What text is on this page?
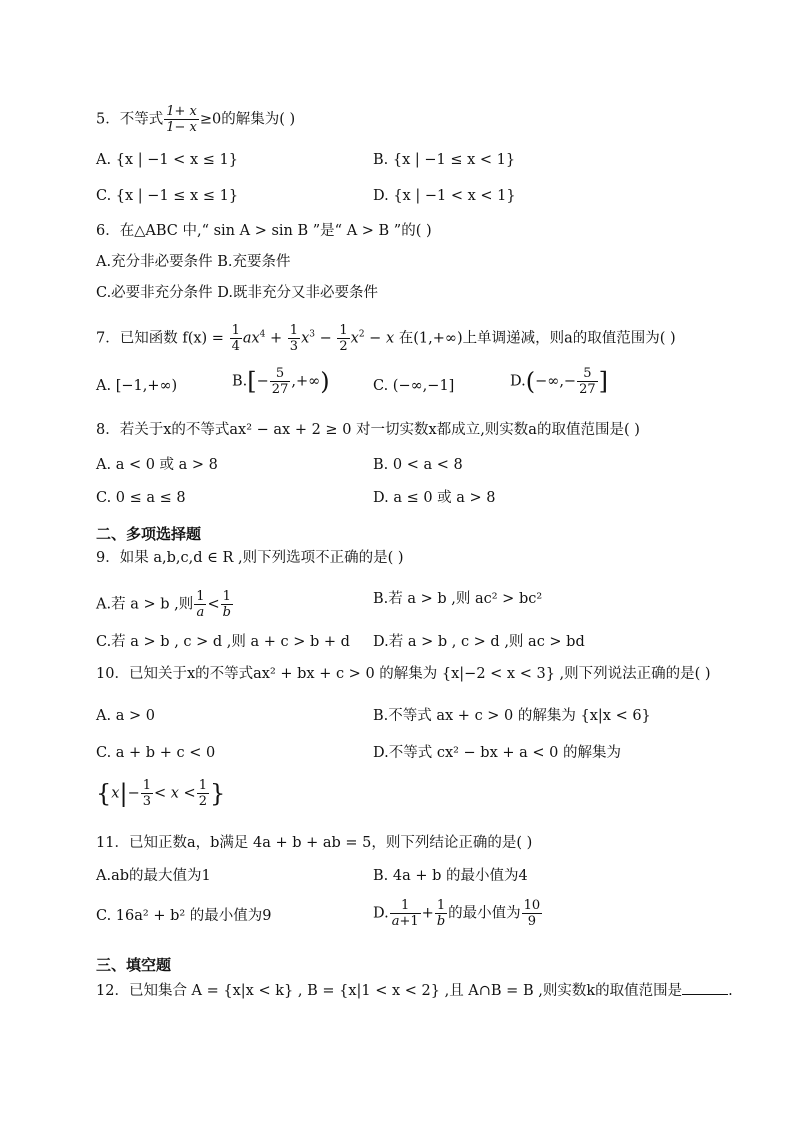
5．不等式 $\frac{1+ x}{1- x} \ge 0$的解集为( )
A. {x | −1 < x ≤ 1}	B. {x | −1 ≤ x < 1}
C. {x | −1 ≤ x ≤ 1}	D. {x | −1 < x < 1}
6．在△ABC 中,“ sin A > sin B ”是“ A > B ”的( )
A.充分非必要条件 B.充要条件
C.必要非充分条件 D.既非充分又非必要条件
7．已知函数 $f(x) = \frac{1}{4} ax^4 + \frac{1}{3} x^3 - \frac{1}{2} x^2 - x$ 在(1,+∞)上单调递减，则a的取值范围为( )
A. [−1,+∞)	$B.[- \frac{5}{27}$ ,+∞)	C. (−∞,−1]	$D.(-\infty,- \frac{5}{27}$ ]
8．若关于x的不等式ax² − ax + 2 ≥ 0 对一切实数x都成立,则实数a的取值范围是( )
A. a < 0 或 a > 8	B. 0 < a < 8
C. 0 ≤ a ≤ 8	D. a ≤ 0 或 a > 8
二、多项选择题
9．如果 a,b,c,d ∈ R ,则下列选项不正确的是( )
A.若 a > b ,则 $\frac{1}{a} < \frac{1}{b}$	B.若 a > b ,则 ac² > bc²
C.若 a > b , c > d ,则 a + c > b + d D.若 a > b , c > d ,则 ac > bd
10．已知关于x的不等式ax² + bx + c > 0 的解集为 {x|−2 < x < 3} ,则下列说法正确的是( )
A. a > 0	B.不等式 ax + c > 0 的解集为 {x|x < 6}
C. a + b + c < 0	D.不等式 cx² − bx + a < 0 的解集为
{$x|- \frac{1}{3} < x < \frac{1}{2}$ }
11．已知正数a，b满足 4a + b + ab = 5，则下列结论正确的是( )
A.ab的最大值为1	B. 4a + b 的最小值为4
C. 16a² + b² 的最小值为9	D. $\frac{1}{a+1} + \frac{1}{b}$ 的最小值为 $\frac{10}{9}$
三、填空题
12．已知集合 A = {x|x < k} , B = {x|1 < x < 2} ,且 A∩B = B ,则实数k的取值范围是	.
